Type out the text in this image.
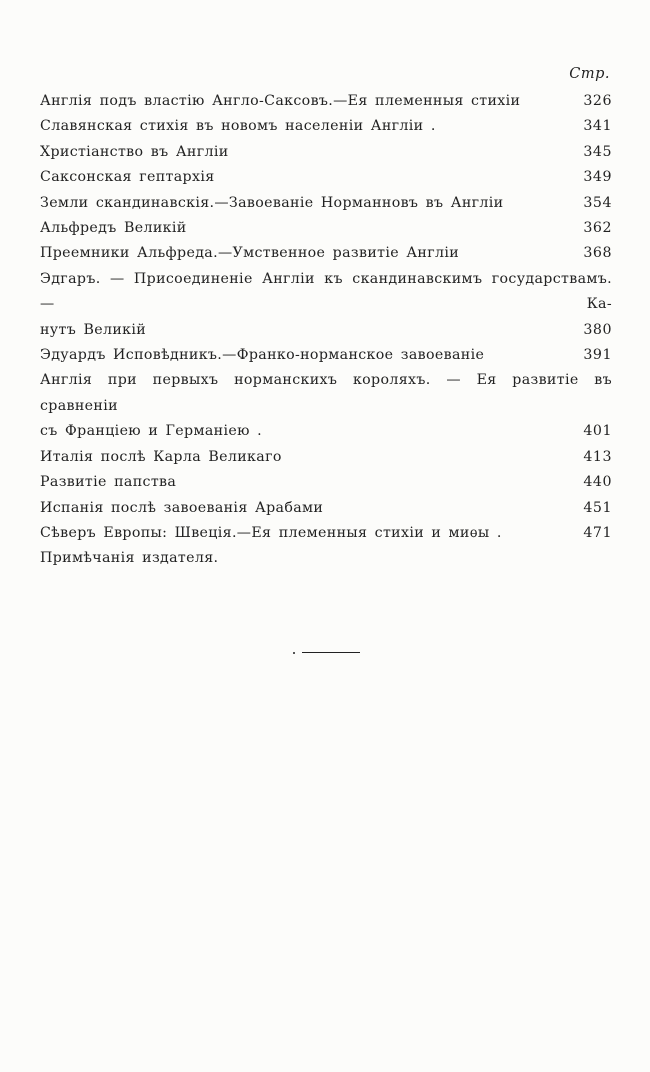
Стр.
Англія подъ властію Англо-Саксовъ.—Ея племенныя стихіи	326
Славянская стихія въ новомъ населеніи Англіи .	341
Христіанство въ Англіи	345
Саксонская гептархія	349
Земли скандинавскія.—Завоеваніе Норманновъ въ Англіи	354
Альфредъ Великій	362
Преемники Альфреда.—Умственное развитіе Англіи	368
Эдгаръ. — Присоединеніе Англіи къ скандинавскимъ государствамъ. — Ка-
нутъ Великій	380
Эдуардъ Исповѣдникъ.—Франко-норманское завоеваніе	391
Англія при первыхъ норманскихъ короляхъ. — Ея развитіе въ сравненіи
съ Франціею и Германіею .	401
Италія послѣ Карла Великаго	413
Развитіе папства	440
Испанія послѣ завоеванія Арабами	451
Сѣверъ Европы: Швеція.—Ея племенныя стихіи и миѳы .	471
Примѣчанія издателя.
